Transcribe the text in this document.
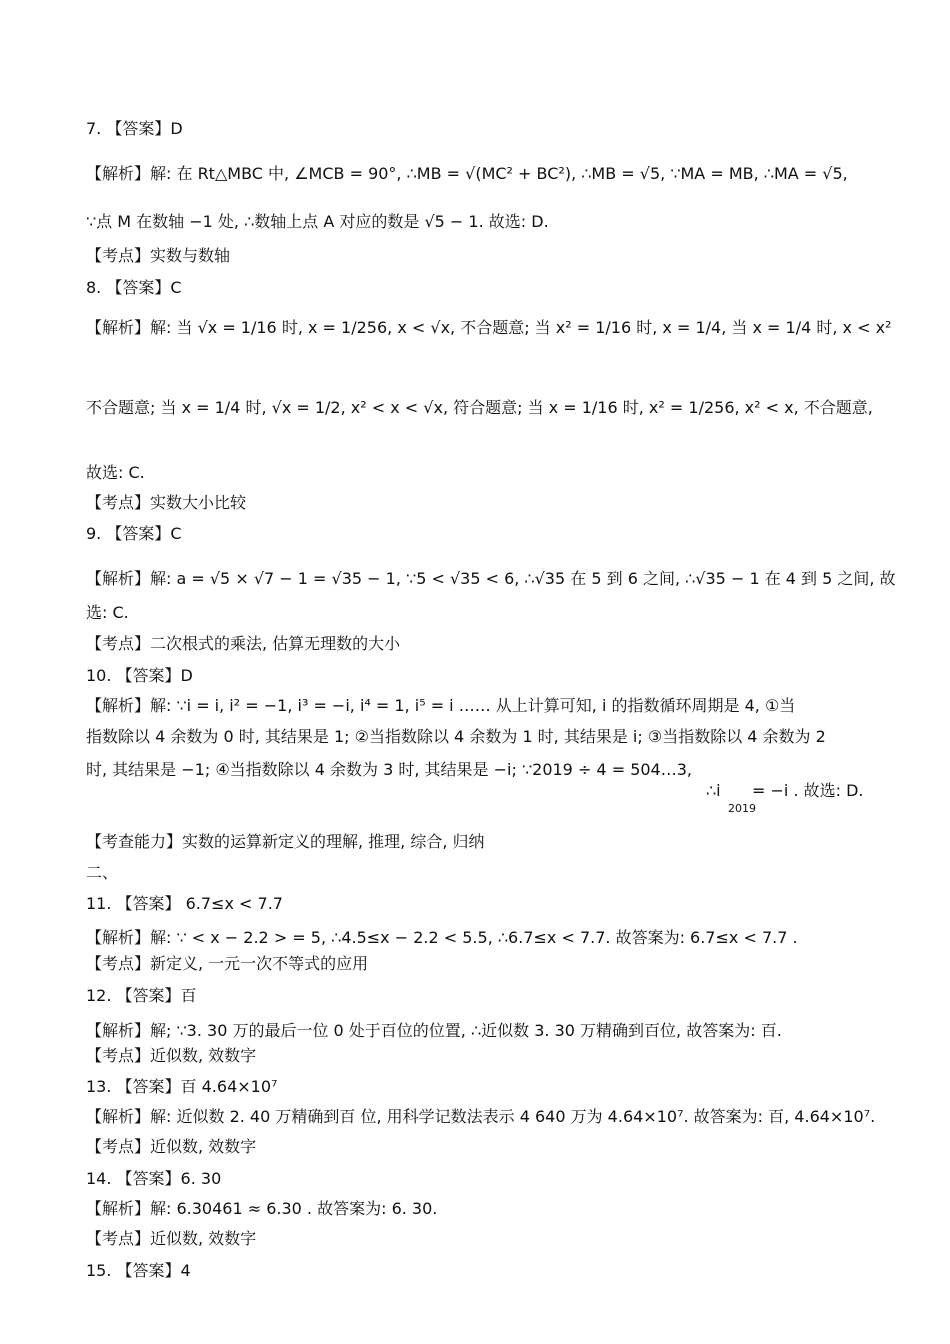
7. 【答案】D
【解析】解: 在 Rt△MBC 中, ∠MCB = 90°, ∴MB = √(MC² + BC²), ∴MB = √5, ∵MA = MB, ∴MA = √5,
∵点 M 在数轴 −1 处, ∴数轴上点 A 对应的数是 √5 − 1. 故选: D.
【考点】实数与数轴
8. 【答案】C
【解析】解: 当 √x = 1/16 时, x = 1/256, x < √x, 不合题意; 当 x² = 1/16 时, x = 1/4, 当 x = 1/4 时, x < x²
不合题意; 当 x = 1/4 时, √x = 1/2, x² < x < √x, 符合题意; 当 x = 1/16 时, x² = 1/256, x² < x, 不合题意,
故选: C.
【考点】实数大小比较
9. 【答案】C
【解析】解: a = √5 × √7 − 1 = √35 − 1, ∵5 < √35 < 6, ∴√35 在 5 到 6 之间, ∴√35 − 1 在 4 到 5 之间, 故
选: C.
【考点】二次根式的乘法, 估算无理数的大小
10. 【答案】D
【解析】解: ∵i = i, i² = −1, i³ = −i, i⁴ = 1, i⁵ = i …… 从上计算可知, i 的指数循环周期是 4, ①当
指数除以 4 余数为 0 时, 其结果是 1; ②当指数除以 4 余数为 1 时, 其结果是 i; ③当指数除以 4 余数为 2
时, 其结果是 −1; ④当指数除以 4 余数为 3 时, 其结果是 −i; ∵2019 ÷ 4 = 504…3,
∴i
2019
= −i . 故选: D.
【考查能力】实数的运算新定义的理解, 推理, 综合, 归纳
二、
11. 【答案】 6.7≤x < 7.7
【解析】解: ∵ < x − 2.2 > = 5, ∴4.5≤x − 2.2 < 5.5, ∴6.7≤x < 7.7. 故答案为: 6.7≤x < 7.7 .
【考点】新定义, 一元一次不等式的应用
12. 【答案】百
【解析】解; ∵3. 30 万的最后一位 0 处于百位的位置, ∴近似数 3. 30 万精确到百位, 故答案为: 百.
【考点】近似数, 效数字
13. 【答案】百 4.64×10⁷
【解析】解: 近似数 2. 40 万精确到百 位, 用科学记数法表示 4 640 万为 4.64×10⁷. 故答案为: 百, 4.64×10⁷.
【考点】近似数, 效数字
14. 【答案】6. 30
【解析】解: 6.30461 ≈ 6.30 . 故答案为: 6. 30.
【考点】近似数, 效数字
15. 【答案】4
